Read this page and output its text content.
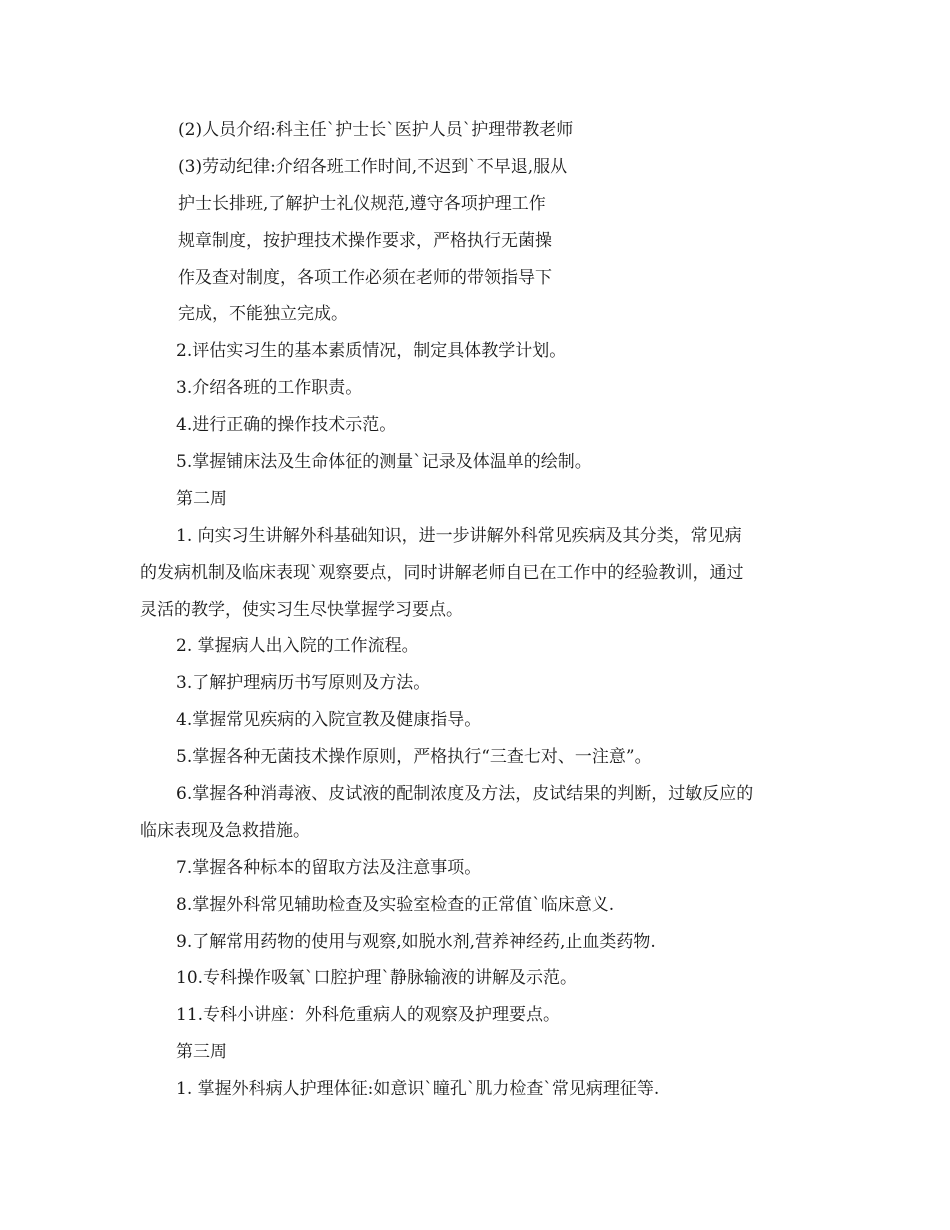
(2)人员介绍:科主任`护士长`医护人员`护理带教老师
(3)劳动纪律:介绍各班工作时间,不迟到`不早退,服从
护士长排班,了解护士礼仪规范,遵守各项护理工作
规章制度，按护理技术操作要求，严格执行无菌操
作及查对制度，各项工作必须在老师的带领指导下
完成，不能独立完成。
2.评估实习生的基本素质情况，制定具体教学计划。
3.介绍各班的工作职责。
4.进行正确的操作技术示范。
5.掌握铺床法及生命体征的测量`记录及体温单的绘制。
第二周
1. 向实习生讲解外科基础知识，进一步讲解外科常见疾病及其分类，常见病
的发病机制及临床表现`观察要点，同时讲解老师自已在工作中的经验教训，通过
灵活的教学，使实习生尽快掌握学习要点。
2. 掌握病人出入院的工作流程。
3.了解护理病历书写原则及方法。
4.掌握常见疾病的入院宣教及健康指导。
5.掌握各种无菌技术操作原则，严格执行“三查七对、一注意”。
6.掌握各种消毒液、皮试液的配制浓度及方法，皮试结果的判断，过敏反应的
临床表现及急救措施。
7.掌握各种标本的留取方法及注意事项。
8.掌握外科常见辅助检查及实验室检查的正常值`临床意义.
9.了解常用药物的使用与观察,如脱水剂,营养神经药,止血类药物.
10.专科操作吸氧`口腔护理`静脉输液的讲解及示范。
11.专科小讲座：外科危重病人的观察及护理要点。
第三周
1. 掌握外科病人护理体征:如意识`瞳孔`肌力检查`常见病理征等.
